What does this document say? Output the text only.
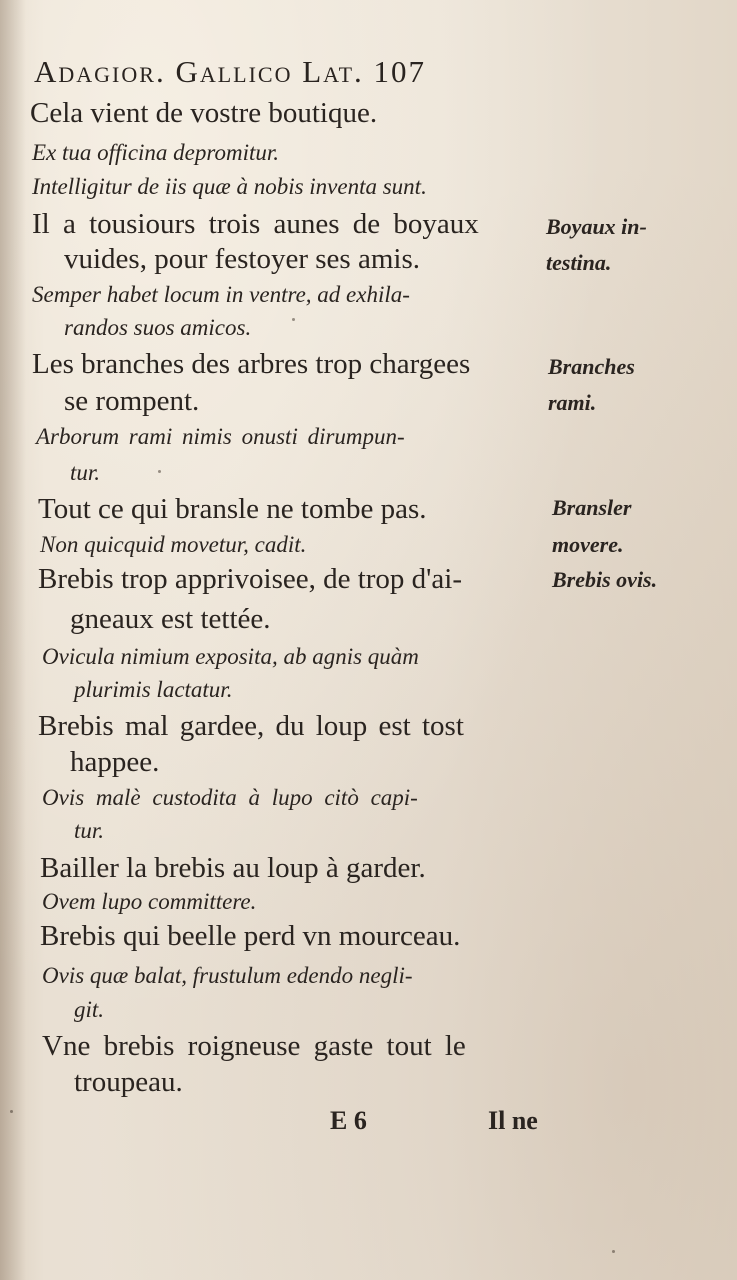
Adagior. Gallico Lat. 107
Cela vient de vostre boutique.
Ex tua officina depromitur.
Intelligitur de iis quæ à nobis inventa sunt.
Il a tousiours trois aunes de boyaux
vuides, pour festoyer ses amis.
Semper habet locum in ventre, ad exhila-
randos suos amicos.
Les branches des arbres trop chargees
se rompent.
Arborum rami nimis onusti dirumpun-
tur.
Tout ce qui bransle ne tombe pas.
Non quicquid movetur, cadit.
Brebis trop apprivoisee, de trop d'ai-
gneaux est tettée.
Ovicula nimium exposita, ab agnis quàm
plurimis lactatur.
Brebis mal gardee, du loup est tost
happee.
Ovis malè custodita à lupo citò capi-
tur.
Bailler la brebis au loup à garder.
Ovem lupo committere.
Brebis qui beelle perd vn mourceau.
Ovis quæ balat, frustulum edendo negli-
git.
Vne brebis roigneuse gaste tout le
troupeau.
Boyaux in-
testina.
Branches
rami.
Bransler
movere.
Brebis ovis.
E 6	Il ne
